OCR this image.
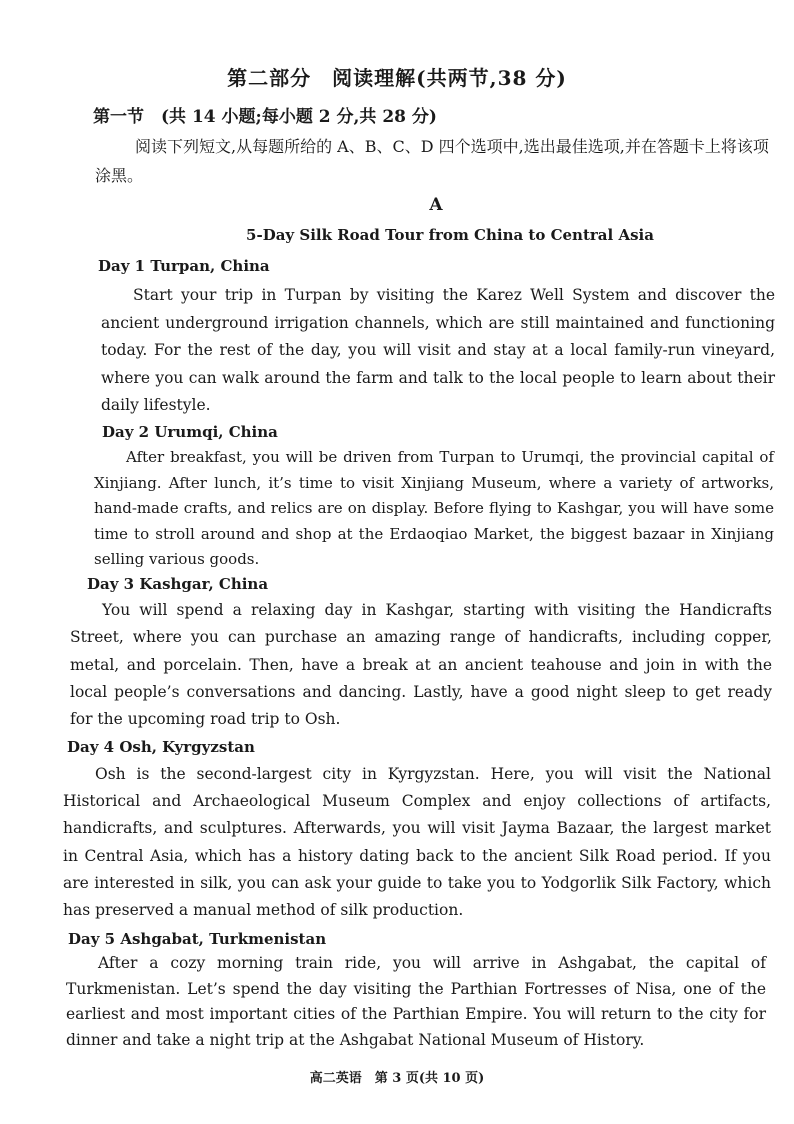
第二部分　阅读理解(共两节,38 分)
第一节　(共 14 小题;每小题 2 分,共 28 分)
阅读下列短文,从每题所给的 A、B、C、D 四个选项中,选出最佳选项,并在答题卡上将该项涂黑。
A
5-Day Silk Road Tour from China to Central Asia
Day 1 Turpan, China
Start your trip in Turpan by visiting the Karez Well System and discover the ancient underground irrigation channels, which are still maintained and functioning today. For the rest of the day, you will visit and stay at a local family-run vineyard, where you can walk around the farm and talk to the local people to learn about their daily lifestyle.
Day 2 Urumqi, China
After breakfast, you will be driven from Turpan to Urumqi, the provincial capital of Xinjiang. After lunch, it’s time to visit Xinjiang Museum, where a variety of artworks, hand-made crafts, and relics are on display. Before flying to Kashgar, you will have some time to stroll around and shop at the Erdaoqiao Market, the biggest bazaar in Xinjiang selling various goods.
Day 3 Kashgar, China
You will spend a relaxing day in Kashgar, starting with visiting the Handicrafts Street, where you can purchase an amazing range of handicrafts, including copper, metal, and porcelain. Then, have a break at an ancient teahouse and join in with the local people’s conversations and dancing. Lastly, have a good night sleep to get ready for the upcoming road trip to Osh.
Day 4 Osh, Kyrgyzstan
Osh is the second-largest city in Kyrgyzstan. Here, you will visit the National Historical and Archaeological Museum Complex and enjoy collections of artifacts, handicrafts, and sculptures. Afterwards, you will visit Jayma Bazaar, the largest market in Central Asia, which has a history dating back to the ancient Silk Road period. If you are interested in silk, you can ask your guide to take you to Yodgorlik Silk Factory, which has preserved a manual method of silk production.
Day 5 Ashgabat, Turkmenistan
After a cozy morning train ride, you will arrive in Ashgabat, the capital of Turkmenistan. Let’s spend the day visiting the Parthian Fortresses of Nisa, one of the earliest and most important cities of the Parthian Empire. You will return to the city for dinner and take a night trip at the Ashgabat National Museum of History.
高二英语　第 3 页(共 10 页)
